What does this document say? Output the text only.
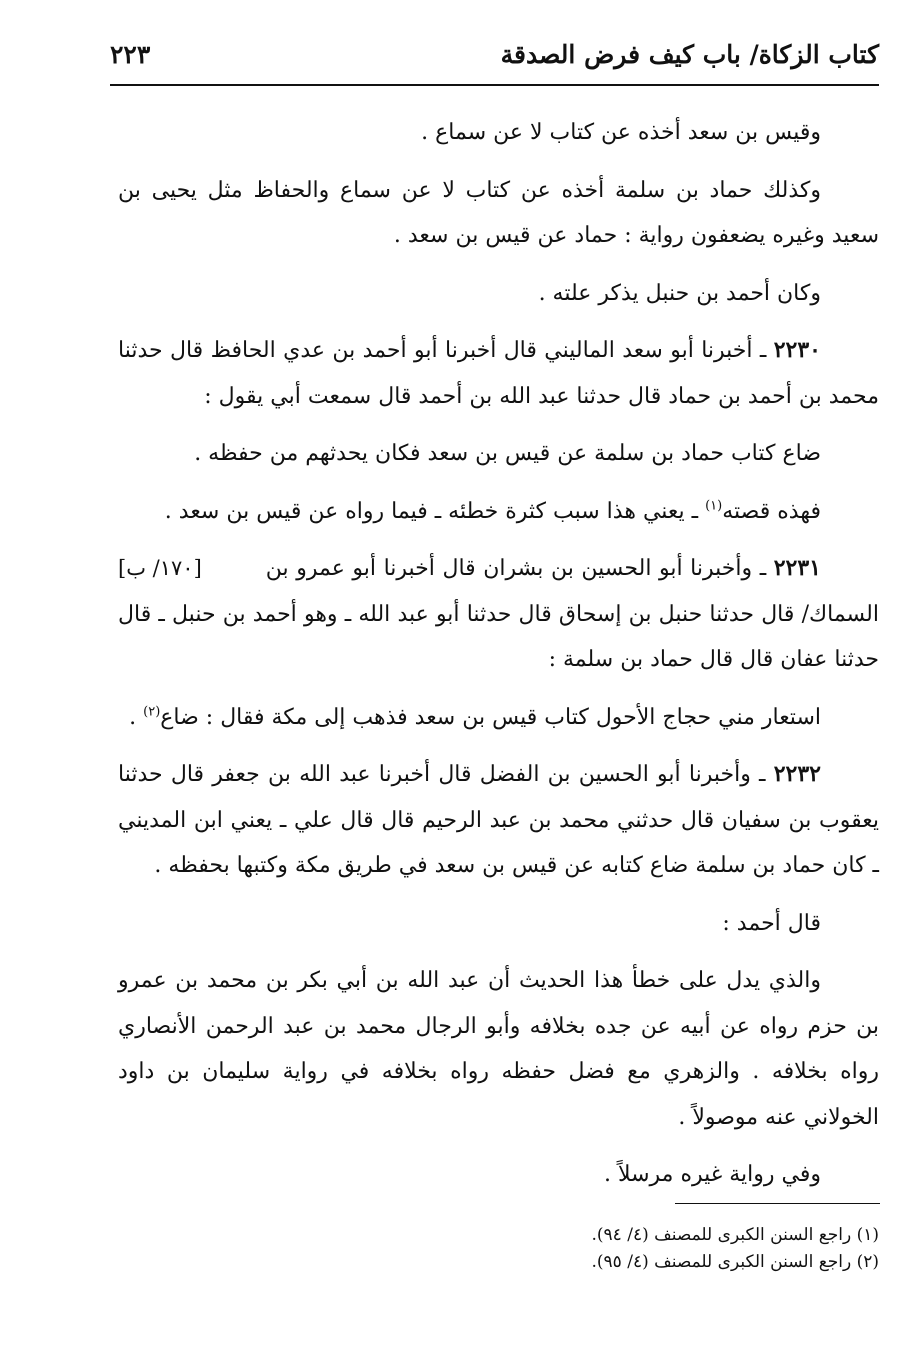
كتاب الزكاة/ باب كيف فرض الصدقة
٢٢٣

وقيس بن سعد أخذه عن كتاب لا عن سماع .

وكذلك حماد بن سلمة أخذه عن كتاب لا عن سماع والحفاظ مثل يحيى بن سعيد وغيره يضعفون رواية : حماد عن قيس بن سعد .

وكان أحمد بن حنبل يذكر علته .

٢٢٣٠ ـ أخبرنا أبو سعد الماليني قال أخبرنا أبو أحمد بن عدي الحافظ قال حدثنا محمد بن أحمد بن حماد قال حدثنا عبد الله بن أحمد قال سمعت أبي يقول :

ضاع كتاب حماد بن سلمة عن قيس بن سعد فكان يحدثهم من حفظه .

فهذه قصته$^{(١)}$ ـ يعني هذا سبب كثرة خطئه ـ فيما رواه عن قيس بن سعد .

[١٧٠/ ب]	٢٢٣١ ـ وأخبرنا أبو الحسين بن بشران قال أخبرنا أبو عمرو بن السماك/ قال حدثنا حنبل بن إسحاق قال حدثنا أبو عبد الله ـ وهو أحمد بن حنبل ـ قال حدثنا عفان قال قال حماد بن سلمة :

استعار مني حجاج الأحول كتاب قيس بن سعد فذهب إلى مكة فقال : ضاع$^{(٢)}$ .

٢٢٣٢ ـ وأخبرنا أبو الحسين بن الفضل قال أخبرنا عبد الله بن جعفر قال حدثنا يعقوب بن سفيان قال حدثني محمد بن عبد الرحيم قال قال علي ـ يعني ابن المديني ـ كان حماد بن سلمة ضاع كتابه عن قيس بن سعد في طريق مكة وكتبها بحفظه .

قال أحمد :

والذي يدل على خطأ هذا الحديث أن عبد الله بن أبي بكر بن محمد بن عمرو بن حزم رواه عن أبيه عن جده بخلافه وأبو الرجال محمد بن عبد الرحمن الأنصاري رواه بخلافه . والزهري مع فضل حفظه رواه بخلافه في رواية سليمان بن داود الخولاني عنه موصولاً .

وفي رواية غيره مرسلاً .

(١) راجع السنن الكبرى للمصنف (٤/ ٩٤).

(٢) راجع السنن الكبرى للمصنف (٤/ ٩٥).
